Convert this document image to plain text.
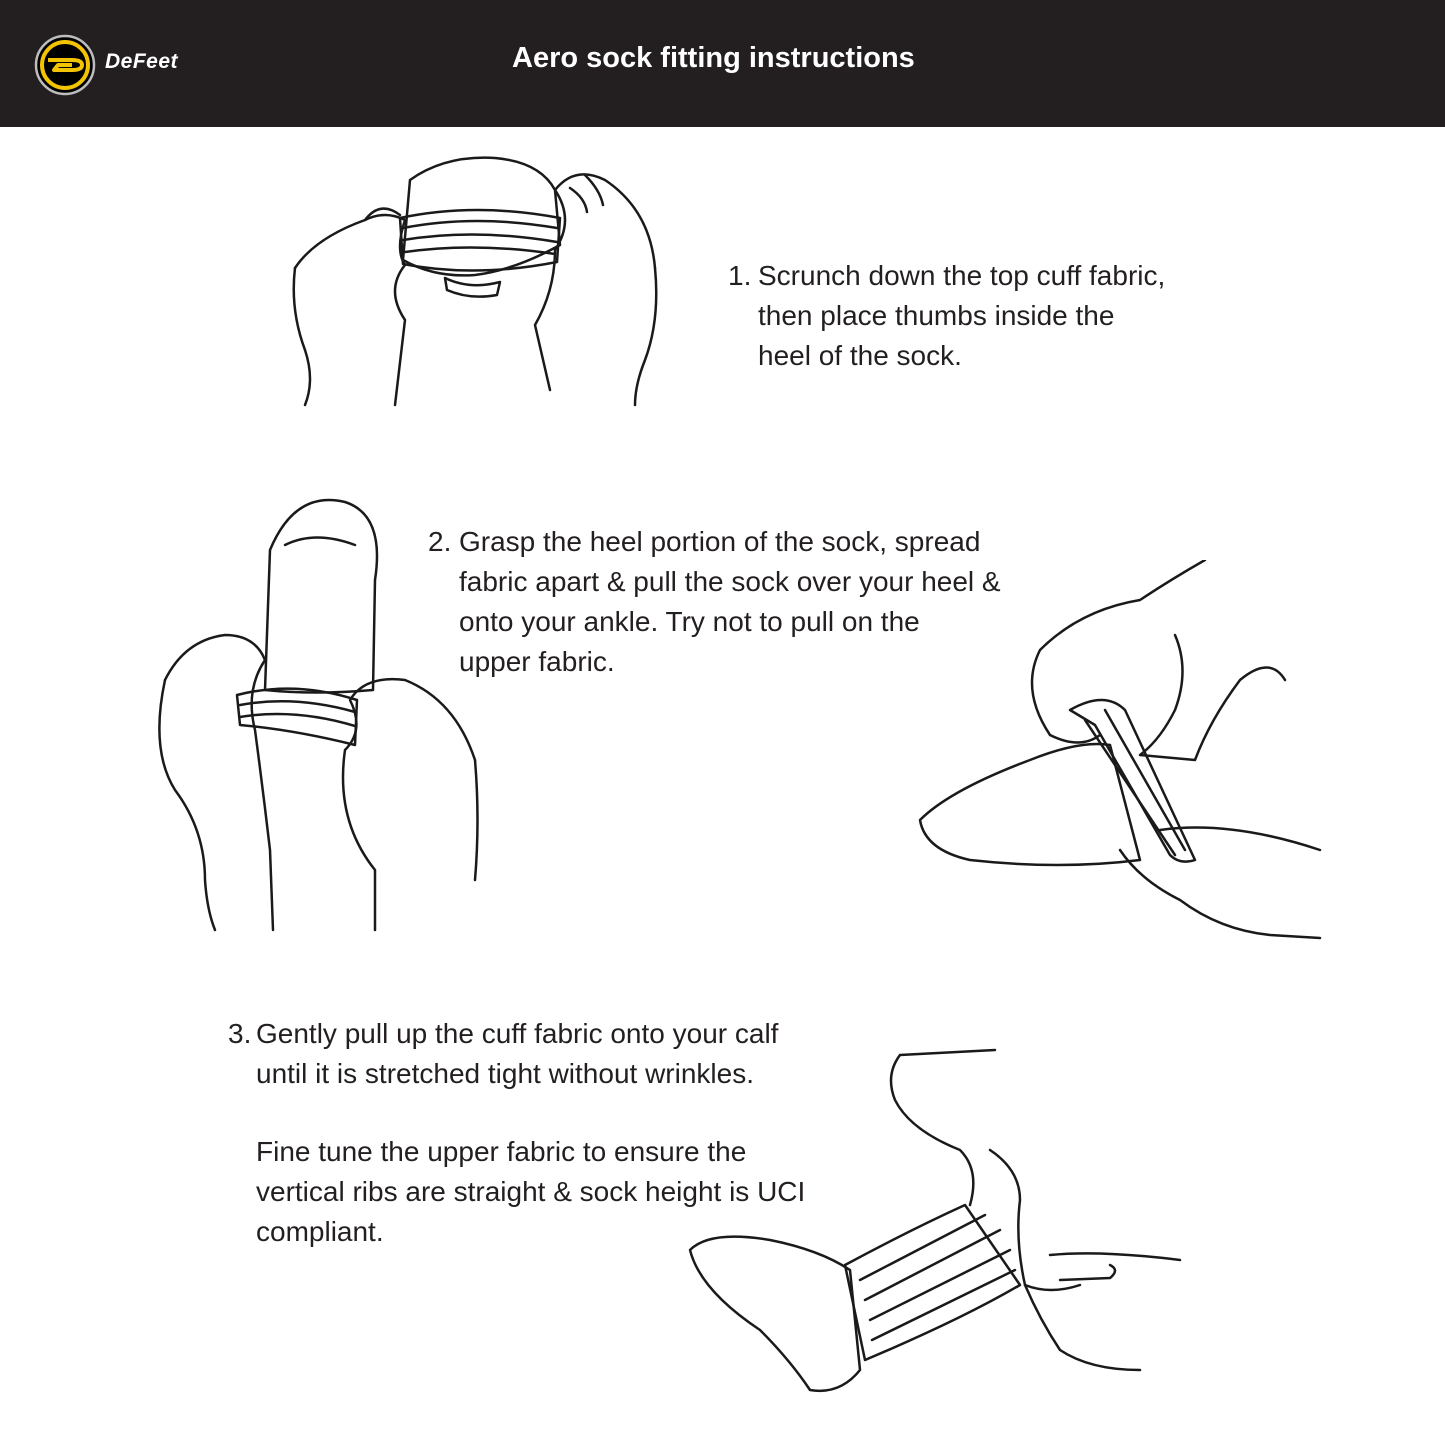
DeFeet	Aero sock fitting instructions
1. Scrunch down the top cuff fabric,
then place thumbs inside the
heel of the sock.
2. Grasp the heel portion of the sock, spread
fabric apart & pull the sock over your heel &
onto your ankle. Try not to pull on the
upper fabric.
3. Gently pull up the cuff fabric onto your calf
until it is stretched tight without wrinkles.
Fine tune the upper fabric to ensure the
vertical ribs are straight & sock height is UCI
compliant.
